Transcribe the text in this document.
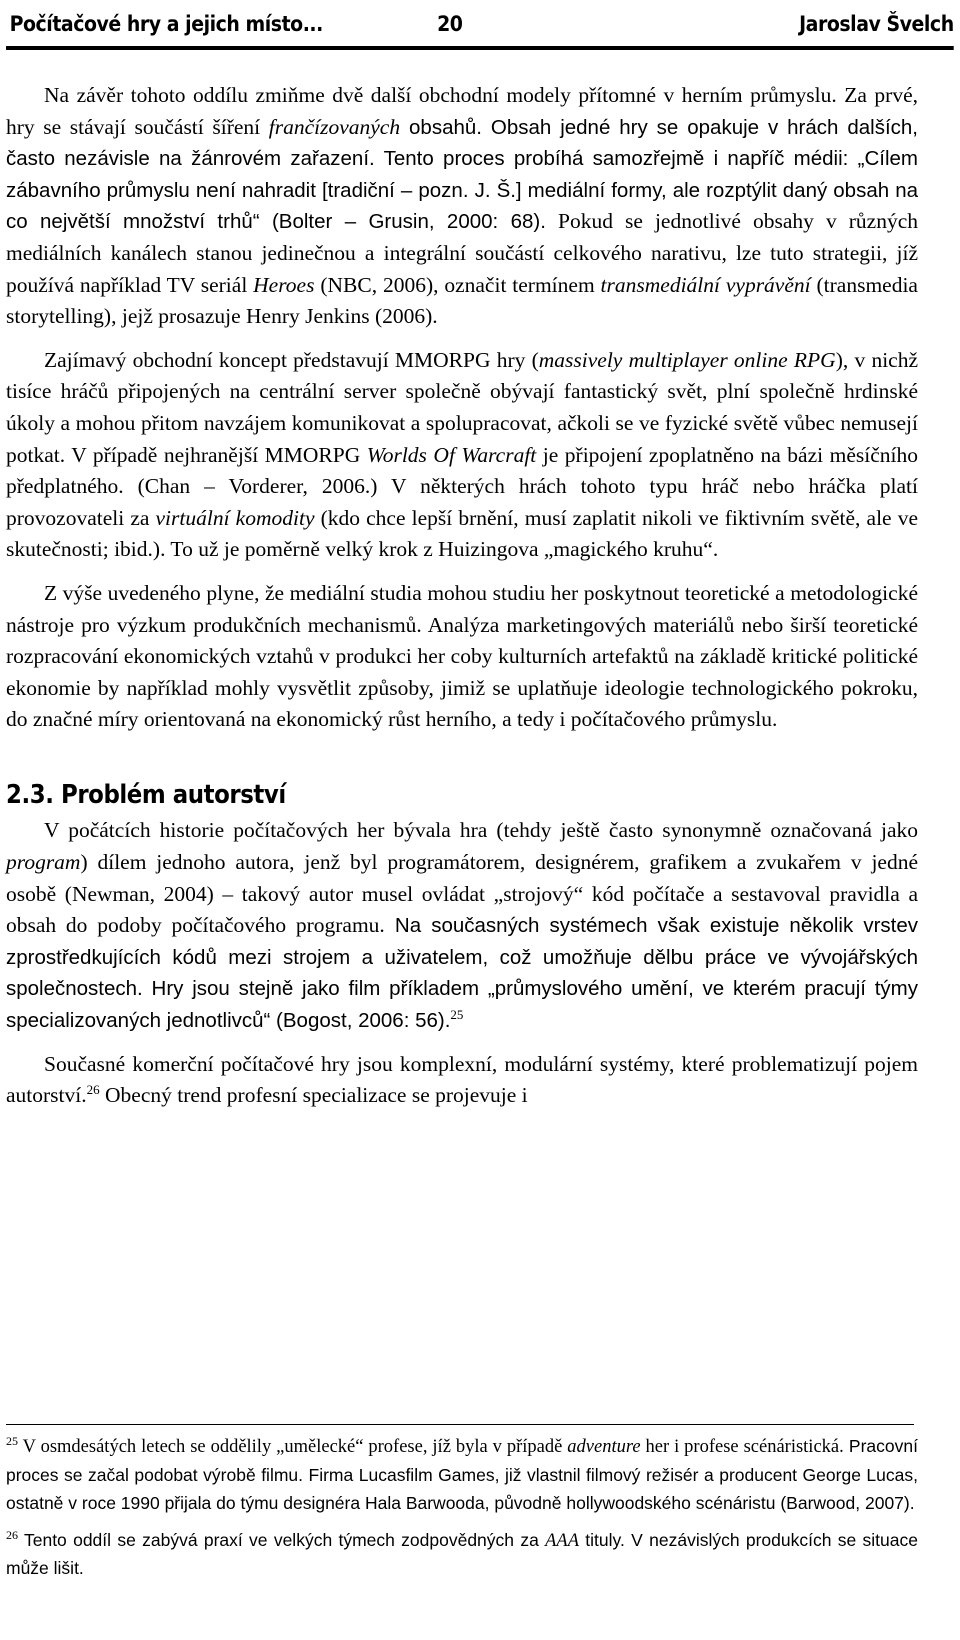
Počítačové hry a jejich místo...	20	Jaroslav Švelch

Na závěr tohoto oddílu zmiňme dvě další obchodní modely přítomné v herním průmyslu. Za prvé, hry se stávají součástí šíření frančízovaných obsahů. Obsah jedné hry se opakuje v hrách dalších, často nezávisle na žánrovém zařazení. Tento proces probíhá samozřejmě i napříč médii: „Cílem zábavního průmyslu není nahradit [tradiční – pozn. J. Š.] mediální formy, ale rozptýlit daný obsah na co největší množství trhů“ (Bolter – Grusin, 2000: 68). Pokud se jednotlivé obsahy v různých mediálních kanálech stanou jedinečnou a integrální součástí celkového narativu, lze tuto strategii, jíž používá například TV seriál Heroes (NBC, 2006), označit termínem transmediální vyprávění (transmedia storytelling), jejž prosazuje Henry Jenkins (2006).

Zajímavý obchodní koncept představují MMORPG hry (massively multiplayer online RPG), v nichž tisíce hráčů připojených na centrální server společně obývají fantastický svět, plní společně hrdinské úkoly a mohou přitom navzájem komunikovat a spolupracovat, ačkoli se ve fyzické světě vůbec nemusejí potkat. V případě nejhranější MMORPG Worlds Of Warcraft je připojení zpoplatněno na bázi měsíčního předplatného. (Chan – Vorderer, 2006.) V některých hrách tohoto typu hráč nebo hráčka platí provozovateli za virtuální komodity (kdo chce lepší brnění, musí zaplatit nikoli ve fiktivním světě, ale ve skutečnosti; ibid.). To už je poměrně velký krok z Huizingova „magického kruhu“.

Z výše uvedeného plyne, že mediální studia mohou studiu her poskytnout teoretické a metodologické nástroje pro výzkum produkčních mechanismů. Analýza marketingových materiálů nebo širší teoretické rozpracování ekonomických vztahů v produkci her coby kulturních artefaktů na základě kritické politické ekonomie by například mohly vysvětlit způsoby, jimiž se uplatňuje ideologie technologického pokroku, do značné míry orientovaná na ekonomický růst herního, a tedy i počítačového průmyslu.

2.3. Problém autorství

V počátcích historie počítačových her bývala hra (tehdy ještě často synonymně označovaná jako program) dílem jednoho autora, jenž byl programátorem, designérem, grafikem a zvukařem v jedné osobě (Newman, 2004) – takový autor musel ovládat „strojový“ kód počítače a sestavoval pravidla a obsah do podoby počítačového programu. Na současných systémech však existuje několik vrstev zprostředkujících kódů mezi strojem a uživatelem, což umožňuje dělbu práce ve vývojářských společnostech. Hry jsou stejně jako film příkladem „průmyslového umění, ve kterém pracují týmy specializovaných jednotlivců“ (Bogost, 2006: 56).$^{25}$

Současné komerční počítačové hry jsou komplexní, modulární systémy, které problematizují pojem autorství.$^{26}$ Obecný trend profesní specializace se projevuje i

$^{25}$ V osmdesátých letech se oddělily „umělecké“ profese, jíž byla v případě adventure her i profese scénáristická. Pracovní proces se začal podobat výrobě filmu. Firma Lucasfilm Games, již vlastnil filmový režisér a producent George Lucas, ostatně v roce 1990 přijala do týmu designéra Hala Barwooda, původně hollywoodského scénáristu (Barwood, 2007).

$^{26}$ Tento oddíl se zabývá praxí ve velkých týmech zodpovědných za AAA tituly. V nezávislých produkcích se situace může lišit.
